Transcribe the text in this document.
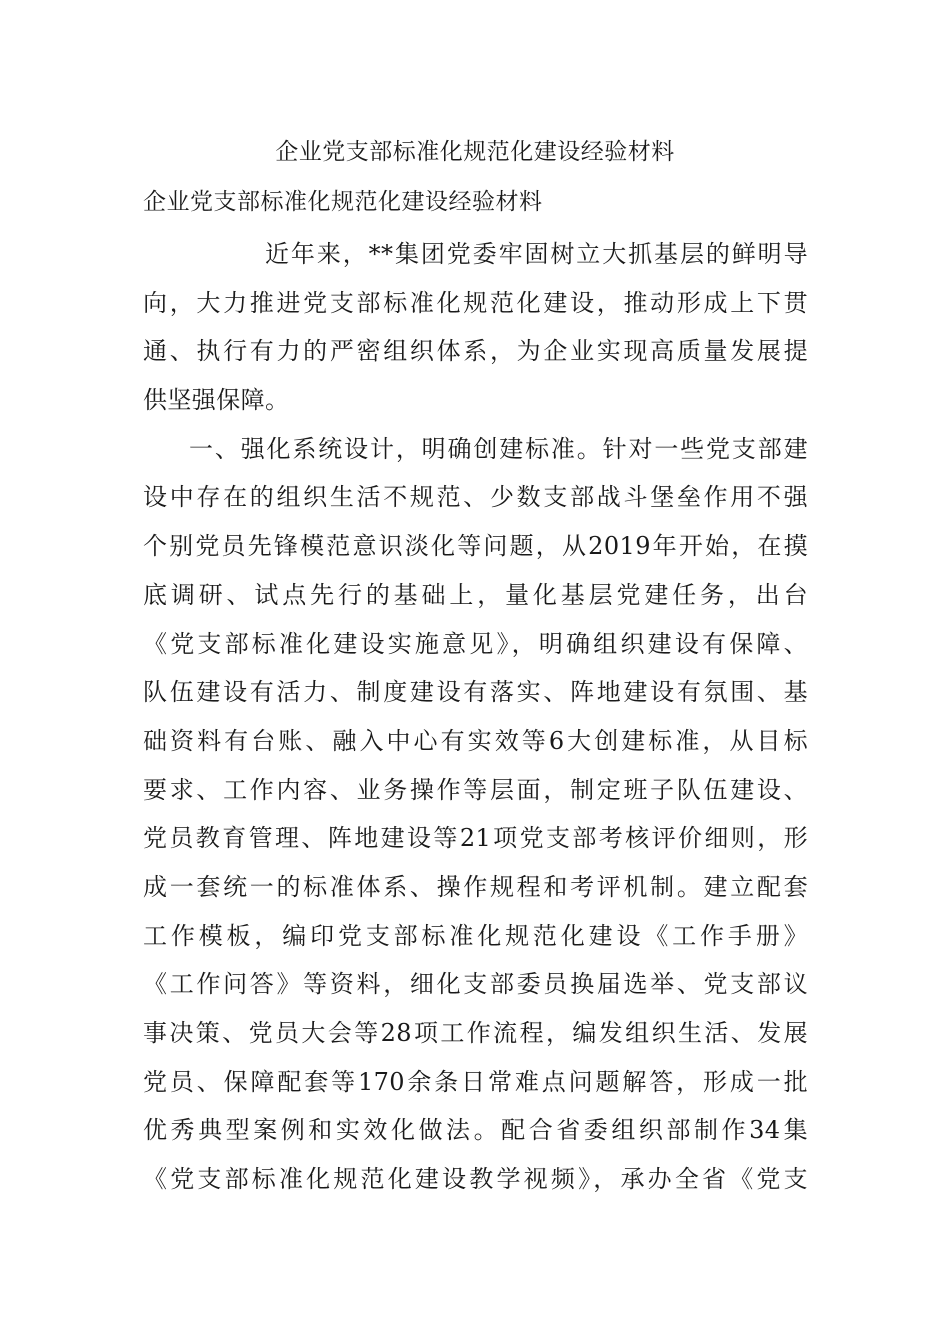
企业党支部标准化规范化建设经验材料
企业党支部标准化规范化建设经验材料
近年来，**集团党委牢固树立大抓基层的鲜明导
向，大力推进党支部标准化规范化建设，推动形成上下贯
通、执行有力的严密组织体系，为企业实现高质量发展提
供坚强保障。
一、强化系统设计，明确创建标准。针对一些党支部建
设中存在的组织生活不规范、少数支部战斗堡垒作用不强
个别党员先锋模范意识淡化等问题，从2019年开始，在摸
底调研、试点先行的基础上，量化基层党建任务，出台
《党支部标准化建设实施意见》，明确组织建设有保障、
队伍建设有活力、制度建设有落实、阵地建设有氛围、基
础资料有台账、融入中心有实效等6大创建标准，从目标
要求、工作内容、业务操作等层面，制定班子队伍建设、
党员教育管理、阵地建设等21项党支部考核评价细则，形
成一套统一的标准体系、操作规程和考评机制。建立配套
工作模板，编印党支部标准化规范化建设《工作手册》
《工作问答》等资料，细化支部委员换届选举、党支部议
事决策、党员大会等28项工作流程，编发组织生活、发展
党员、保障配套等170余条日常难点问题解答，形成一批
优秀典型案例和实效化做法。配合省委组织部制作34集
《党支部标准化规范化建设教学视频》，承办全省《党支
